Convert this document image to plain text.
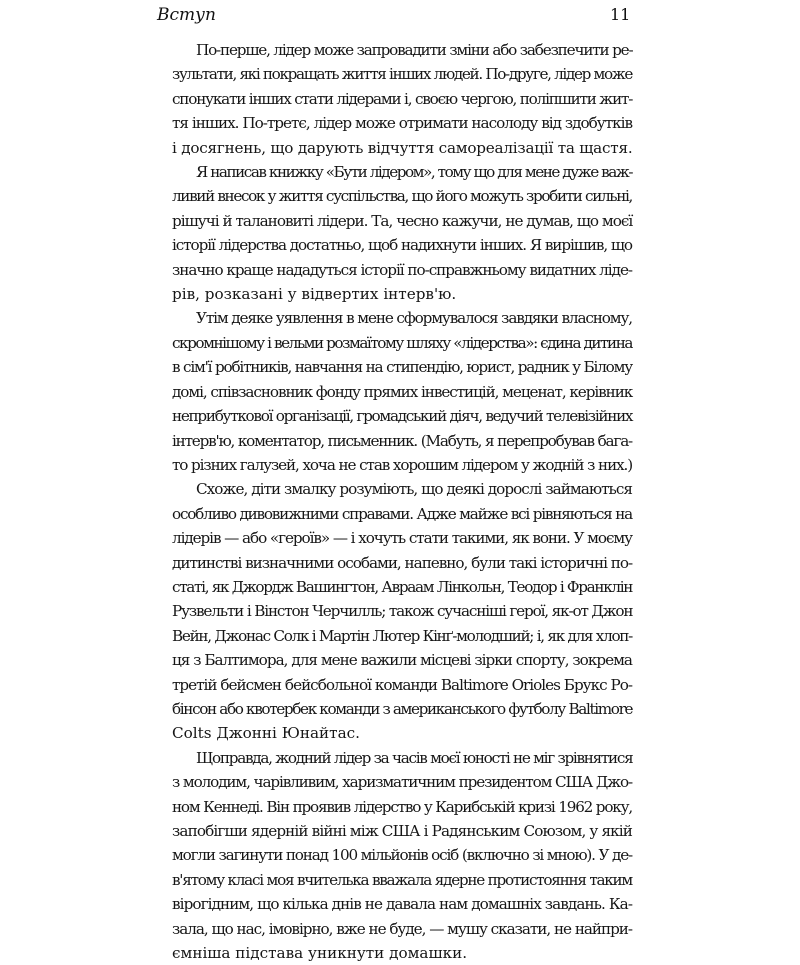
Вступ	11
По-перше, лідер може запровадити зміни або забезпечити ре-
зультати, які покращать життя інших людей. По-друге, лідер може
спонукати інших стати лідерами і, своєю чергою, поліпшити жит-
тя інших. По-третє, лідер може отримати насолоду від здобутків
і досягнень, що дарують відчуття самореалізації та щастя.
Я написав книжку «Бути лідером», тому що для мене дуже важ-
ливий внесок у життя суспільства, що його можуть зробити сильні,
рішучі й талановиті лідери. Та, чесно кажучи, не думав, що моєї
історії лідерства достатньо, щоб надихнути інших. Я вирішив, що
значно краще нададуться історії по-справжньому видатних лідe-
рів, розказані у відвертих інтерв'ю.
Утім деяке уявлення в мене сформувалося завдяки власному,
скромнішому і вельми розмаїтому шляху «лідерства»: єдина дитина
в сім'ї робітників, навчання на стипендію, юрист, радник у Білому
домі, співзасновник фонду прямих інвестицій, меценат, керівник
неприбуткової організації, громадський діяч, ведучий телевізійних
інтерв'ю, коментатор, письменник. (Мабуть, я перепробував бага-
то різних галузей, хоча не став хорошим лідером у жодній з них.)
Схоже, діти змалку розуміють, що деякі дорослі займаються
особливо дивовижними справами. Адже майже всі рівняються на
лідерів — або «героїв» — і хочуть стати такими, як вони. У моєму
дитинстві визначними особами, напевно, були такі історичні по-
статі, як Джордж Вашингтон, Авраам Лінкольн, Теодор і Франклін
Рузвельти і Вінстон Черчилль; також сучасніші герої, як-от Джон
Вейн, Джонас Солк і Мартін Лютер Кінґ-молодший; і, як для хлоп-
ця з Балтимора, для мене важили місцеві зірки спорту, зокрема
третій бейсмен бейсбольної команди Baltimore Orioles Брукс Ро-
бінсон або квотербек команди з американського футболу Baltimore
Colts Джонні Юнайтас.
Щоправда, жодний лідер за часів моєї юності не міг зрівнятися
з молодим, чарівливим, харизматичним президентом США Джо-
ном Кеннеді. Він проявив лідерство у Карибській кризі 1962 року,
запобігши ядерній війні між США і Радянським Союзом, у якій
могли загинути понад 100 мільйонів осіб (включно зі мною). У де-
в'ятому класі моя вчителька вважала ядерне протистояння таким
вірогідним, що кілька днів не давала нам домашніх завдань. Ка-
зала, що нас, імовірно, вже не буде, — мушу сказати, не найпри-
ємніша підстава уникнути домашки.
